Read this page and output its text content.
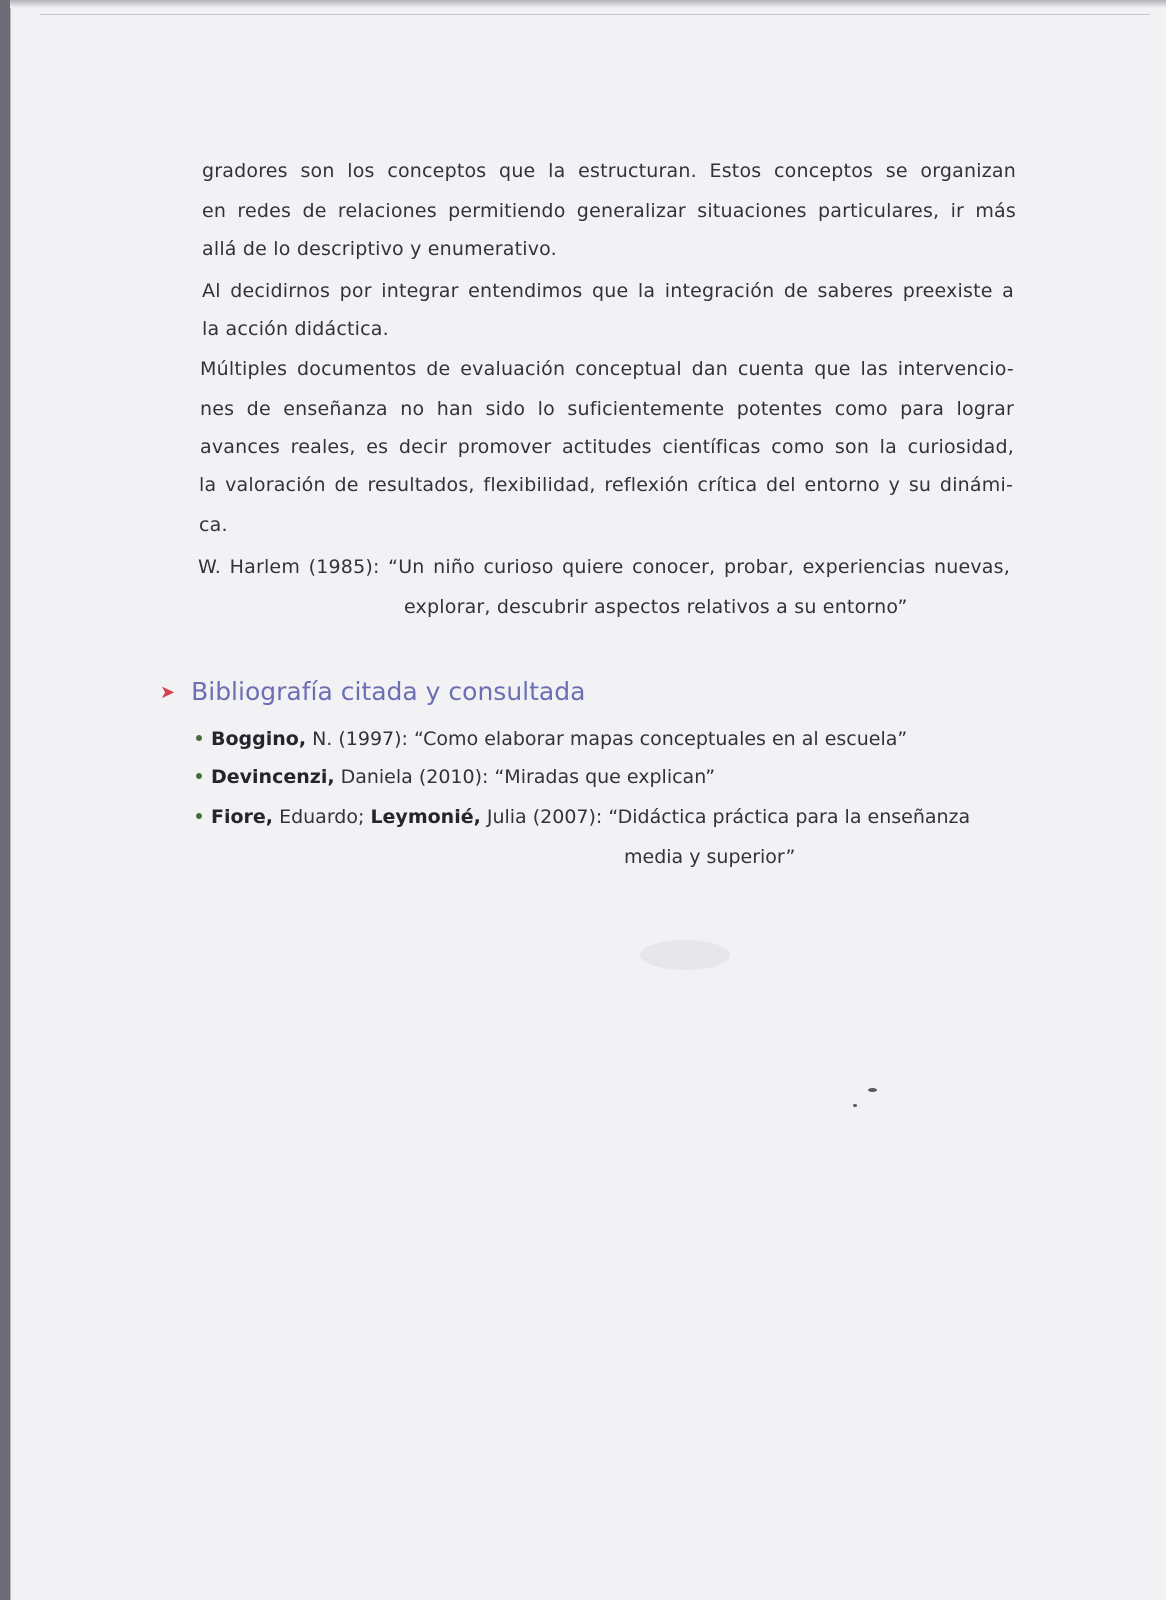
gradores son los conceptos que la estructuran. Estos conceptos se organizan
en redes de relaciones permitiendo generalizar situaciones particulares, ir más
allá de lo descriptivo y enumerativo.
Al decidirnos por integrar entendimos que la integración de saberes preexiste a
la acción didáctica.
Múltiples documentos de evaluación conceptual dan cuenta que las intervencio-
nes de enseñanza no han sido lo suficientemente potentes como para lograr
avances reales, es decir promover actitudes científicas como son la curiosidad,
la valoración de resultados, flexibilidad, reflexión crítica del entorno y su dinámi-
ca.
W. Harlem (1985): “Un niño curioso quiere conocer, probar, experiencias nuevas,
explorar, descubrir aspectos relativos a su entorno”
➤ Bibliografía citada y consultada
Boggino, N. (1997): “Como elaborar mapas conceptuales en al escuela”
Devincenzi, Daniela (2010): “Miradas que explican”
Fiore, Eduardo; Leymonié, Julia (2007): “Didáctica práctica para la enseñanza
media y superior”
